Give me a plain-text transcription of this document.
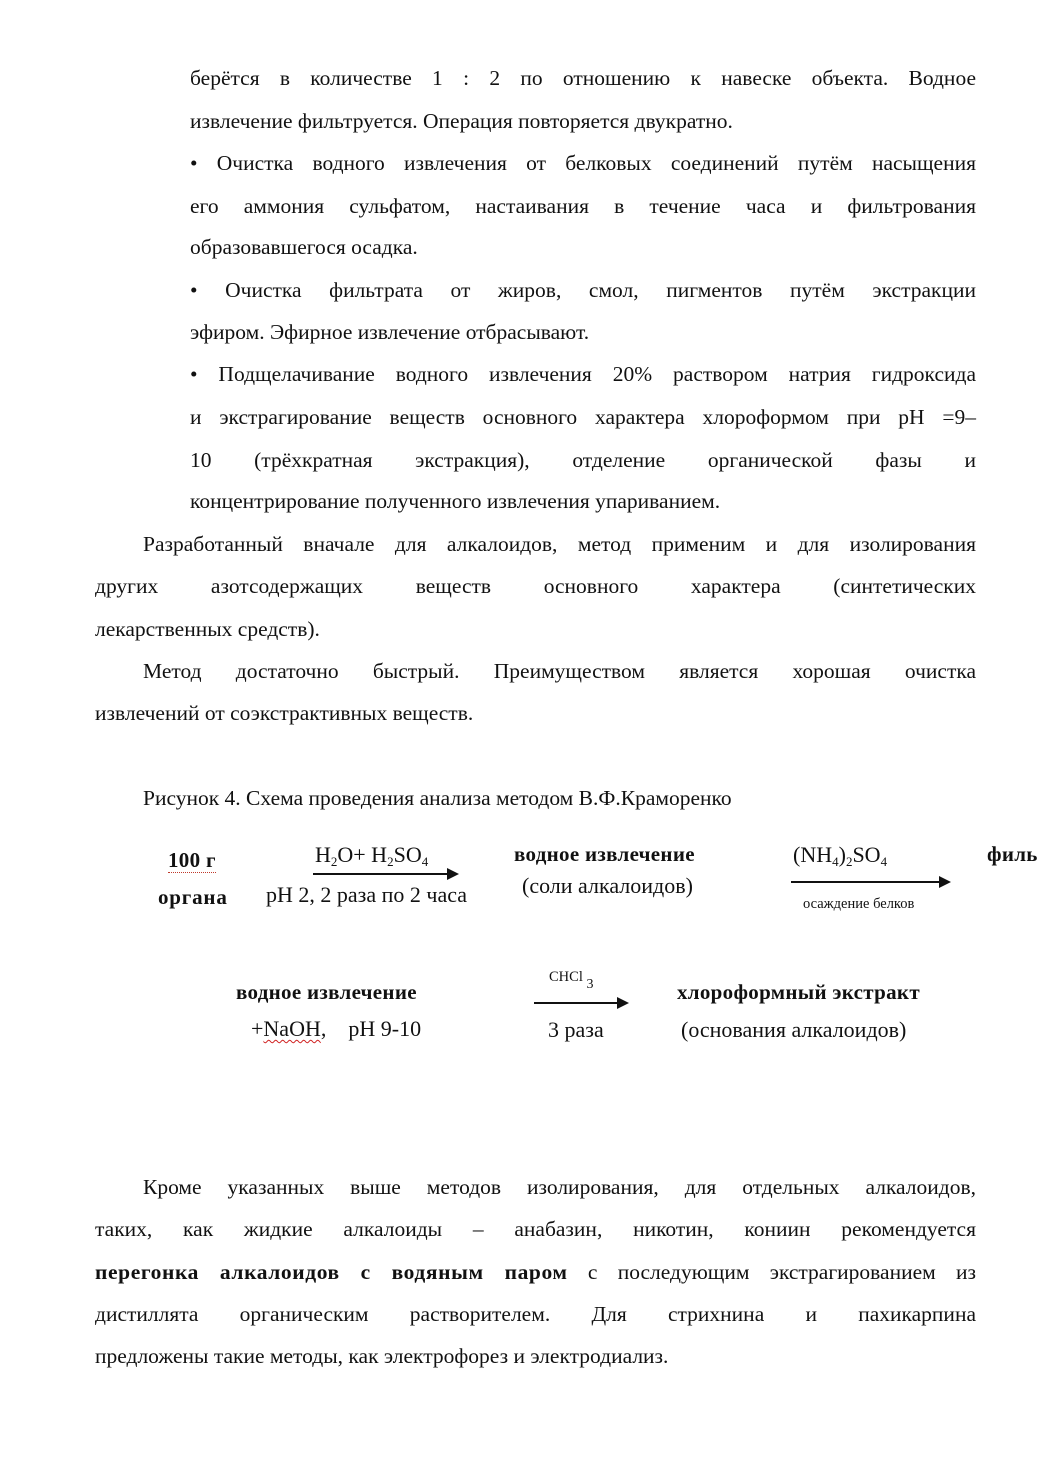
берётся в количестве 1 : 2 по отношению к навеске объекта. Водное
извлечение фильтруется. Операция повторяется двукратно.
• Очистка водного извлечения от белковых соединений путём насыщения
его аммония сульфатом, настаивания в течение часа и фильтрования
образовавшегося осадка.
• Очистка фильтрата от жиров, смол, пигментов путём экстракции
эфиром. Эфирное извлечение отбрасывают.
• Подщелачивание водного извлечения 20% раствором натрия гидроксида
и экстрагирование веществ основного характера хлороформом при pH =9–
10 (трёхкратная экстракция), отделение органической фазы и
концентрирование полученного извлечения упариванием.
Разработанный вначале для алкалоидов, метод применим и для изолирования
других азотсодержащих веществ основного характера (синтетических
лекарственных средств).
Метод достаточно быстрый. Преимуществом является хорошая очистка
извлечений от соэкстрактивных веществ.
Рисунок 4. Схема проведения анализа методом В.Ф.Краморенко
100 г
органа
$H_2O+ H_2SO_4$
pH 2, 2 раза по 2 часа
водное извлечение
(соли алкалоидов)
$(NH_4)_2SO_4$
осаждение белков
филь
водное извлечение
+NaOH,    pH 9-10
CHCl 3
3 раза
хлороформный экстракт
(основания алкалоидов)
Кроме указанных выше методов изолирования, для отдельных алкалоидов,
таких, как жидкие алкалоиды – анабазин, никотин, кониин рекомендуется
перегонка алкалоидов с водяным паром с последующим экстрагированием из
дистиллята органическим растворителем. Для стрихнина и пахикарпина
предложены такие методы, как электрофорез и электродиализ.
